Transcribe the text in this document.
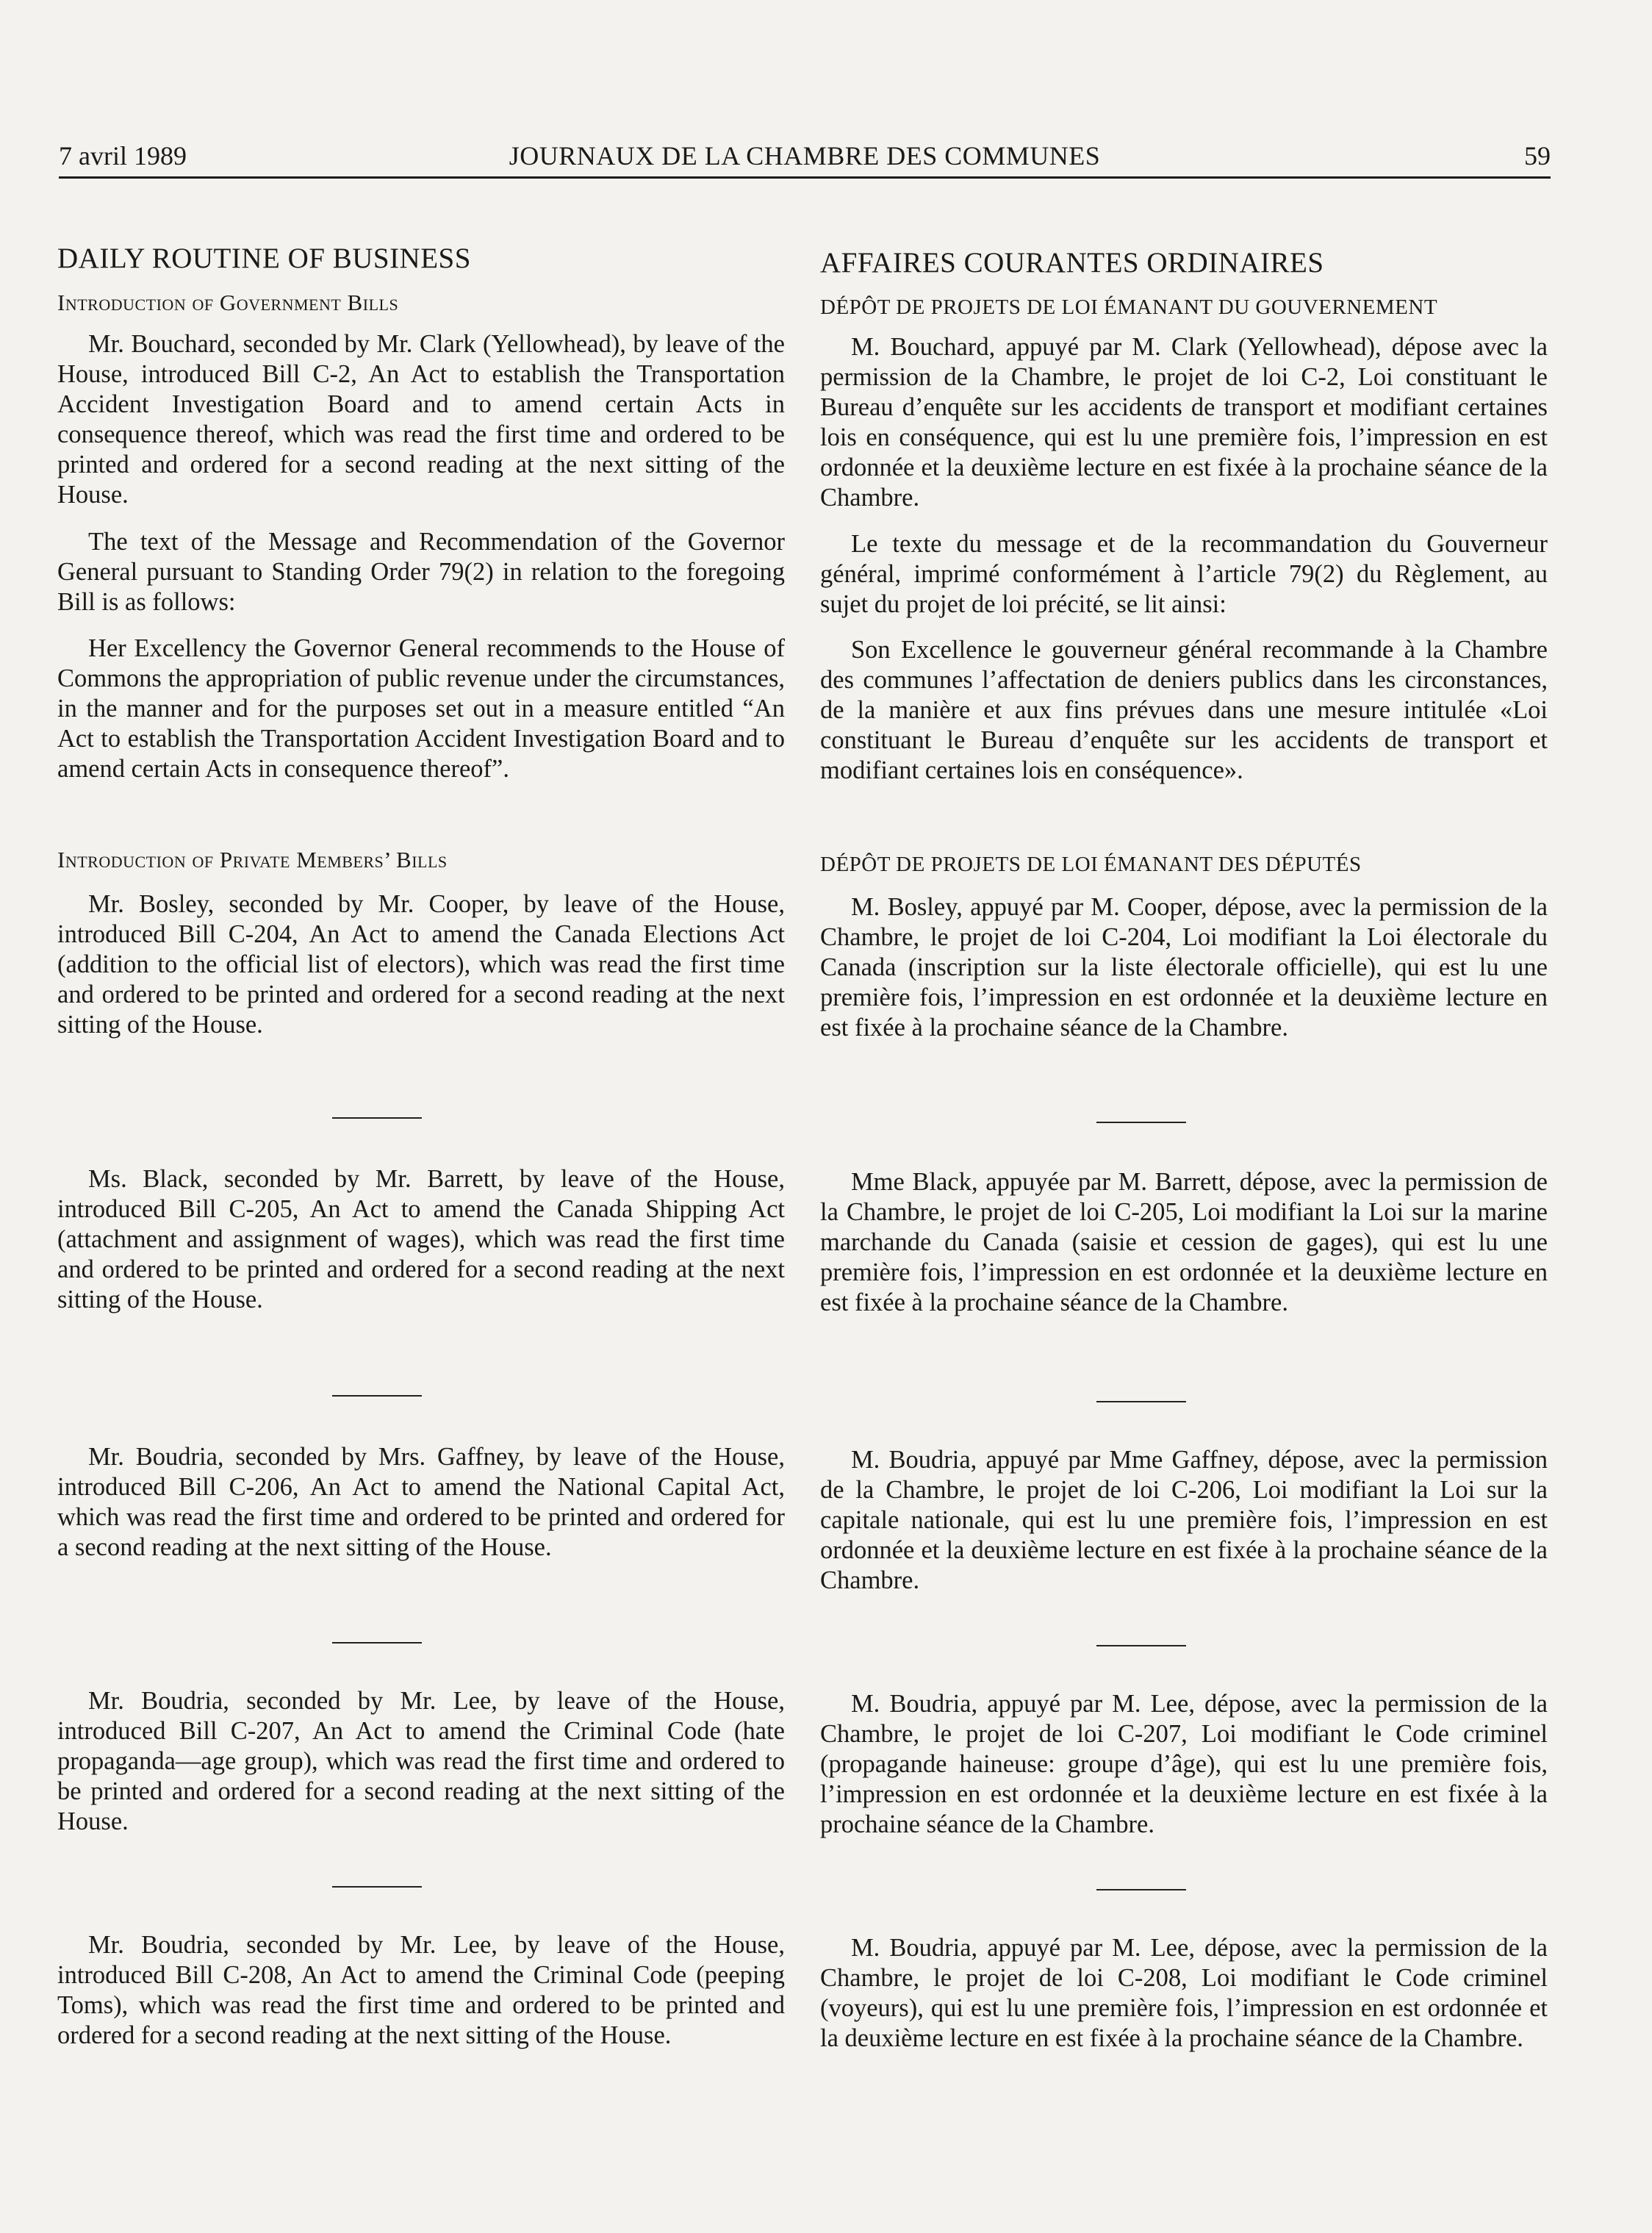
7 avril 1989	JOURNAUX DE LA CHAMBRE DES COMMUNES	59
DAILY ROUTINE OF BUSINESS
Introduction of Government Bills

Mr. Bouchard, seconded by Mr. Clark (Yellowhead), by leave of the House, introduced Bill C-2, An Act to establish the Transportation Accident Investigation Board and to amend certain Acts in consequence thereof, which was read the first time and ordered to be printed and ordered for a second reading at the next sitting of the House.

The text of the Message and Recommendation of the Governor General pursuant to Standing Order 79(2) in relation to the foregoing Bill is as follows:

Her Excellency the Governor General recommends to the House of Commons the appropriation of public revenue under the circumstances, in the manner and for the purposes set out in a measure entitled “An Act to establish the Transportation Accident Investigation Board and to amend certain Acts in consequence thereof”.

Introduction of Private Members’ Bills

Mr. Bosley, seconded by Mr. Cooper, by leave of the House, introduced Bill C-204, An Act to amend the Canada Elections Act (addition to the official list of electors), which was read the first time and ordered to be printed and ordered for a second reading at the next sitting of the House.

Ms. Black, seconded by Mr. Barrett, by leave of the House, introduced Bill C-205, An Act to amend the Canada Shipping Act (attachment and assignment of wages), which was read the first time and ordered to be printed and ordered for a second reading at the next sitting of the House.

Mr. Boudria, seconded by Mrs. Gaffney, by leave of the House, introduced Bill C-206, An Act to amend the National Capital Act, which was read the first time and ordered to be printed and ordered for a second reading at the next sitting of the House.

Mr. Boudria, seconded by Mr. Lee, by leave of the House, introduced Bill C-207, An Act to amend the Criminal Code (hate propaganda—age group), which was read the first time and ordered to be printed and ordered for a second reading at the next sitting of the House.

Mr. Boudria, seconded by Mr. Lee, by leave of the House, introduced Bill C-208, An Act to amend the Criminal Code (peeping Toms), which was read the first time and ordered to be printed and ordered for a second reading at the next sitting of the House.

AFFAIRES COURANTES ORDINAIRES
DÉPÔT DE PROJETS DE LOI ÉMANANT DU GOUVERNEMENT

M. Bouchard, appuyé par M. Clark (Yellowhead), dépose avec la permission de la Chambre, le projet de loi C-2, Loi constituant le Bureau d’enquête sur les accidents de transport et modifiant certaines lois en conséquence, qui est lu une première fois, l’impression en est ordonnée et la deuxième lecture en est fixée à la prochaine séance de la Chambre.

Le texte du message et de la recommandation du Gouverneur général, imprimé conformément à l’article 79(2) du Règlement, au sujet du projet de loi précité, se lit ainsi:

Son Excellence le gouverneur général recommande à la Chambre des communes l’affectation de deniers publics dans les circonstances, de la manière et aux fins prévues dans une mesure intitulée «Loi constituant le Bureau d’enquête sur les accidents de transport et modifiant certaines lois en conséquence».

DÉPÔT DE PROJETS DE LOI ÉMANANT DES DÉPUTÉS

M. Bosley, appuyé par M. Cooper, dépose, avec la permission de la Chambre, le projet de loi C-204, Loi modifiant la Loi électorale du Canada (inscription sur la liste électorale officielle), qui est lu une première fois, l’impression en est ordonnée et la deuxième lecture en est fixée à la prochaine séance de la Chambre.

Mme Black, appuyée par M. Barrett, dépose, avec la permission de la Chambre, le projet de loi C-205, Loi modifiant la Loi sur la marine marchande du Canada (saisie et cession de gages), qui est lu une première fois, l’impression en est ordonnée et la deuxième lecture en est fixée à la prochaine séance de la Chambre.

M. Boudria, appuyé par Mme Gaffney, dépose, avec la permission de la Chambre, le projet de loi C-206, Loi modifiant la Loi sur la capitale nationale, qui est lu une première fois, l’impression en est ordonnée et la deuxième lecture en est fixée à la prochaine séance de la Chambre.

M. Boudria, appuyé par M. Lee, dépose, avec la permission de la Chambre, le projet de loi C-207, Loi modifiant le Code criminel (propagande haineuse: groupe d’âge), qui est lu une première fois, l’impression en est ordonnée et la deuxième lecture en est fixée à la prochaine séance de la Chambre.

M. Boudria, appuyé par M. Lee, dépose, avec la permission de la Chambre, le projet de loi C-208, Loi modifiant le Code criminel (voyeurs), qui est lu une première fois, l’impression en est ordonnée et la deuxième lecture en est fixée à la prochaine séance de la Chambre.
